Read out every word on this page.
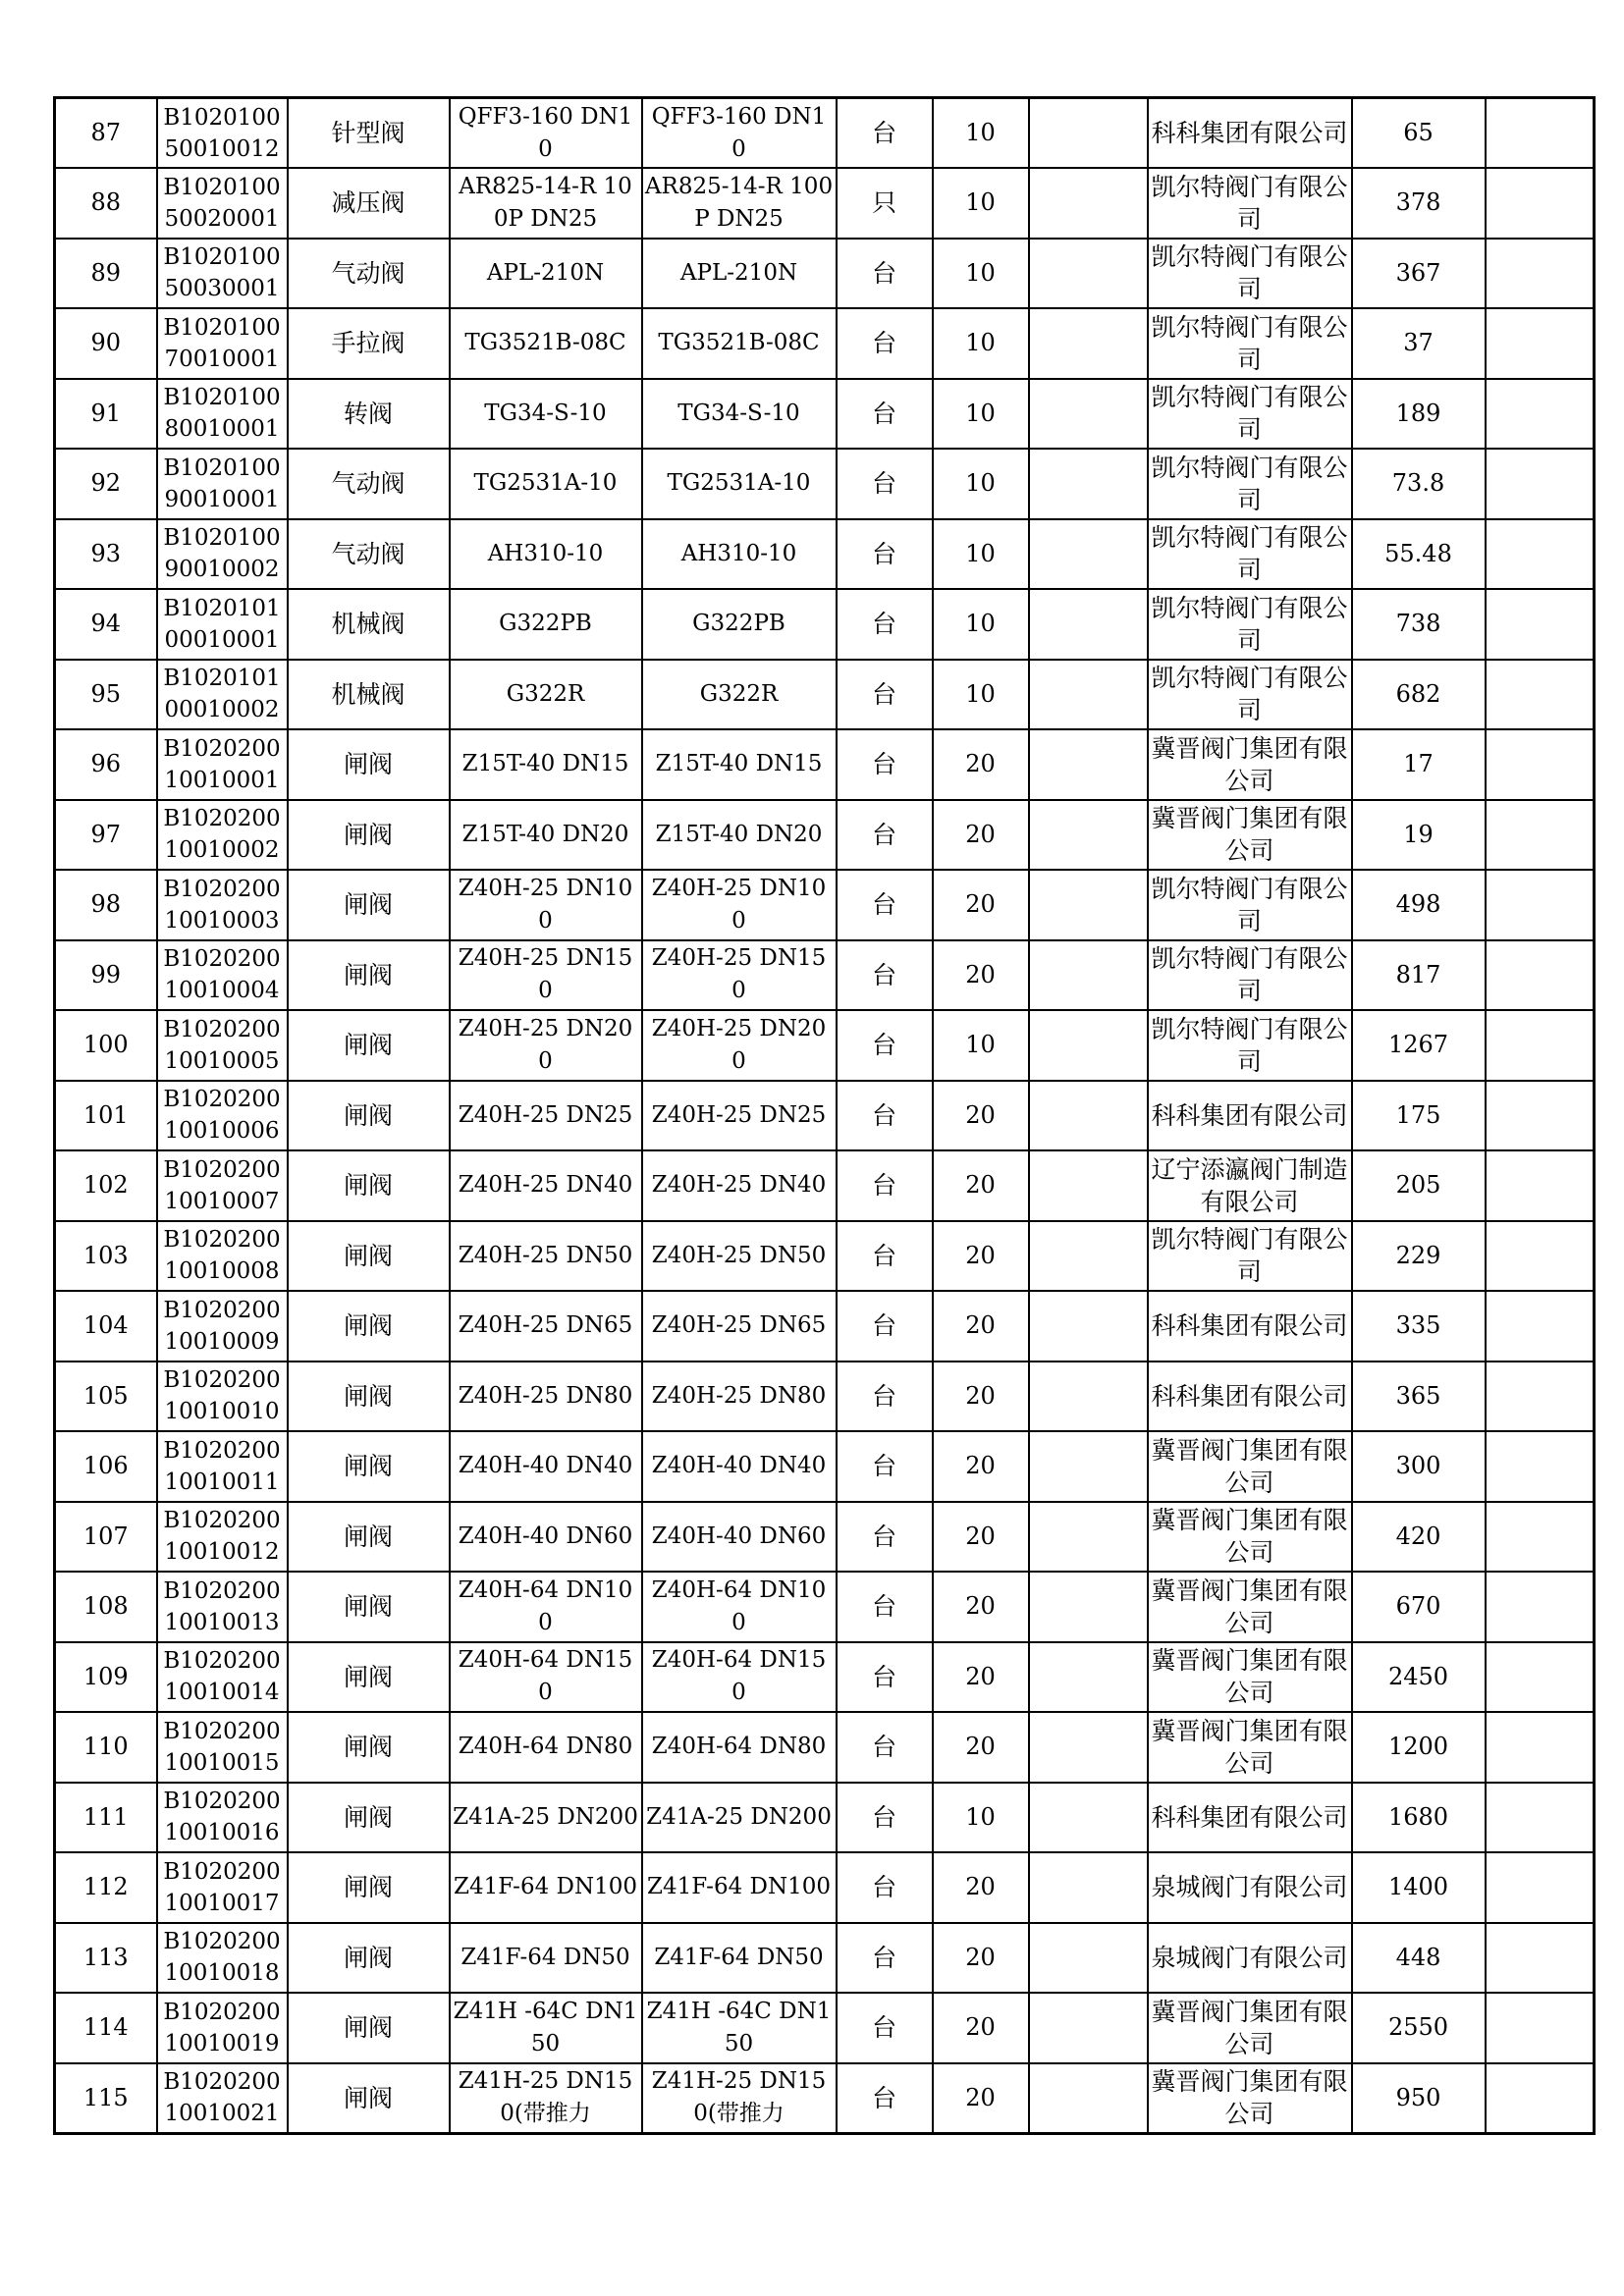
87	B102010050010012	针型阀	QFF3-160 DN10	QFF3-160 DN10	台	10		科科集团有限公司	65	
88	B102010050020001	减压阀	AR825-14-R 100P DN25	AR825-14-R 100P DN25	只	10		凯尔特阀门有限公司	378	
89	B102010050030001	气动阀	APL-210N	APL-210N	台	10		凯尔特阀门有限公司	367	
90	B102010070010001	手拉阀	TG3521B-08C	TG3521B-08C	台	10		凯尔特阀门有限公司	37	
91	B102010080010001	转阀	TG34-S-10	TG34-S-10	台	10		凯尔特阀门有限公司	189	
92	B102010090010001	气动阀	TG2531A-10	TG2531A-10	台	10		凯尔特阀门有限公司	73.8	
93	B102010090010002	气动阀	AH310-10	AH310-10	台	10		凯尔特阀门有限公司	55.48	
94	B102010100010001	机械阀	G322PB	G322PB	台	10		凯尔特阀门有限公司	738	
95	B102010100010002	机械阀	G322R	G322R	台	10		凯尔特阀门有限公司	682	
96	B102020010010001	闸阀	Z15T-40 DN15	Z15T-40 DN15	台	20		冀晋阀门集团有限公司	17	
97	B102020010010002	闸阀	Z15T-40 DN20	Z15T-40 DN20	台	20		冀晋阀门集团有限公司	19	
98	B102020010010003	闸阀	Z40H-25 DN100	Z40H-25 DN100	台	20		凯尔特阀门有限公司	498	
99	B102020010010004	闸阀	Z40H-25 DN150	Z40H-25 DN150	台	20		凯尔特阀门有限公司	817	
100	B102020010010005	闸阀	Z40H-25 DN200	Z40H-25 DN200	台	10		凯尔特阀门有限公司	1267	
101	B102020010010006	闸阀	Z40H-25 DN25	Z40H-25 DN25	台	20		科科集团有限公司	175	
102	B102020010010007	闸阀	Z40H-25 DN40	Z40H-25 DN40	台	20		辽宁添瀛阀门制造有限公司	205	
103	B102020010010008	闸阀	Z40H-25 DN50	Z40H-25 DN50	台	20		凯尔特阀门有限公司	229	
104	B102020010010009	闸阀	Z40H-25 DN65	Z40H-25 DN65	台	20		科科集团有限公司	335	
105	B102020010010010	闸阀	Z40H-25 DN80	Z40H-25 DN80	台	20		科科集团有限公司	365	
106	B102020010010011	闸阀	Z40H-40 DN40	Z40H-40 DN40	台	20		冀晋阀门集团有限公司	300	
107	B102020010010012	闸阀	Z40H-40 DN60	Z40H-40 DN60	台	20		冀晋阀门集团有限公司	420	
108	B102020010010013	闸阀	Z40H-64 DN100	Z40H-64 DN100	台	20		冀晋阀门集团有限公司	670	
109	B102020010010014	闸阀	Z40H-64 DN150	Z40H-64 DN150	台	20		冀晋阀门集团有限公司	2450	
110	B102020010010015	闸阀	Z40H-64 DN80	Z40H-64 DN80	台	20		冀晋阀门集团有限公司	1200	
111	B102020010010016	闸阀	Z41A-25 DN200	Z41A-25 DN200	台	10		科科集团有限公司	1680	
112	B102020010010017	闸阀	Z41F-64 DN100	Z41F-64 DN100	台	20		泉城阀门有限公司	1400	
113	B102020010010018	闸阀	Z41F-64 DN50	Z41F-64 DN50	台	20		泉城阀门有限公司	448	
114	B102020010010019	闸阀	Z41H -64C DN150	Z41H -64C DN150	台	20		冀晋阀门集团有限公司	2550	
115	B102020010010021	闸阀	Z41H-25 DN150(带推力	Z41H-25 DN150(带推力	台	20		冀晋阀门集团有限公司	950	
